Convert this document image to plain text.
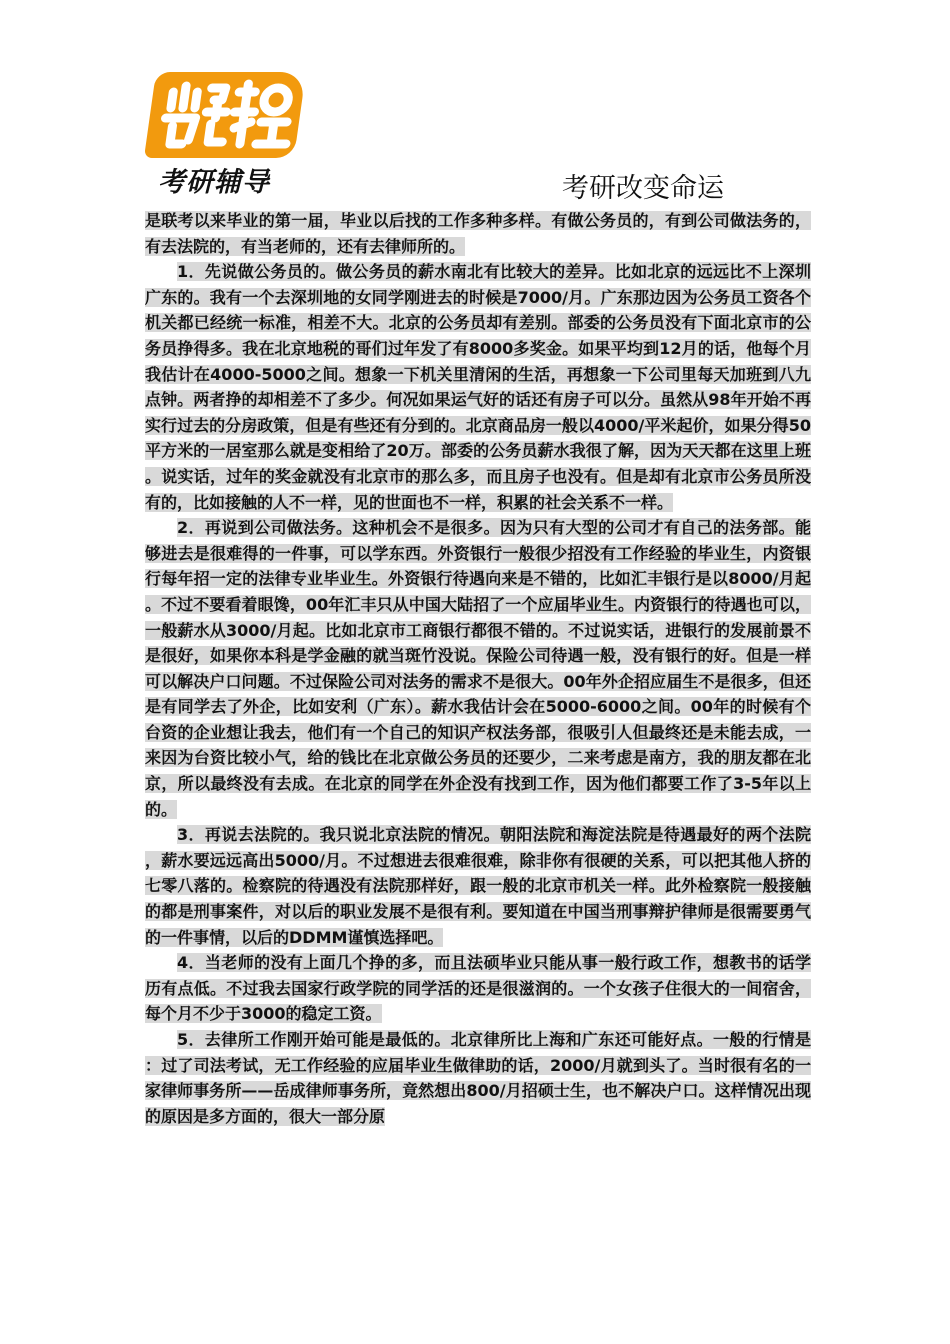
考研辅导	考研改变命运

是联考以来毕业的第一届，毕业以后找的工作多种多样。有做公务员的，有到公司做法务的，有去法院的，有当老师的，还有去律师所的。

1．先说做公务员的。做公务员的薪水南北有比较大的差异。比如北京的远远比不上深圳广东的。我有一个去深圳地的女同学刚进去的时候是7000/月。广东那边因为公务员工资各个机关都已经统一标准，相差不大。北京的公务员却有差别。部委的公务员没有下面北京市的公务员挣得多。我在北京地税的哥们过年发了有8000多奖金。如果平均到12月的话，他每个月我估计在4000-5000之间。想象一下机关里清闲的生活，再想象一下公司里每天加班到八九点钟。两者挣的却相差不了多少。何况如果运气好的话还有房子可以分。虽然从98年开始不再实行过去的分房政策，但是有些还有分到的。北京商品房一般以4000/平米起价，如果分得50平方米的一居室那么就是变相给了20万。部委的公务员薪水我很了解，因为天天都在这里上班。说实话，过年的奖金就没有北京市的那么多，而且房子也没有。但是却有北京市公务员所没有的，比如接触的人不一样，见的世面也不一样，积累的社会关系不一样。

2．再说到公司做法务。这种机会不是很多。因为只有大型的公司才有自己的法务部。能够进去是很难得的一件事，可以学东西。外资银行一般很少招没有工作经验的毕业生，内资银行每年招一定的法律专业毕业生。外资银行待遇向来是不错的，比如汇丰银行是以8000/月起。不过不要看着眼馋，00年汇丰只从中国大陆招了一个应届毕业生。内资银行的待遇也可以，一般薪水从3000/月起。比如北京市工商银行都很不错的。不过说实话，进银行的发展前景不是很好，如果你本科是学金融的就当斑竹没说。保险公司待遇一般，没有银行的好。但是一样可以解决户口问题。不过保险公司对法务的需求不是很大。00年外企招应届生不是很多，但还是有同学去了外企，比如安利（广东）。薪水我估计会在5000-6000之间。00年的时候有个台资的企业想让我去，他们有一个自己的知识产权法务部，很吸引人但最终还是未能去成，一来因为台资比较小气，给的钱比在北京做公务员的还要少，二来考虑是南方，我的朋友都在北京，所以最终没有去成。在北京的同学在外企没有找到工作，因为他们都要工作了3-5年以上的。

3．再说去法院的。我只说北京法院的情况。朝阳法院和海淀法院是待遇最好的两个法院，薪水要远远高出5000/月。不过想进去很难很难，除非你有很硬的关系，可以把其他人挤的七零八落的。检察院的待遇没有法院那样好，跟一般的北京市机关一样。此外检察院一般接触的都是刑事案件，对以后的职业发展不是很有利。要知道在中国当刑事辩护律师是很需要勇气的一件事情，以后的DDMM谨慎选择吧。

4．当老师的没有上面几个挣的多，而且法硕毕业只能从事一般行政工作，想教书的话学历有点低。不过我去国家行政学院的同学活的还是很滋润的。一个女孩子住很大的一间宿舍，每个月不少于3000的稳定工资。

5．去律所工作刚开始可能是最低的。北京律所比上海和广东还可能好点。一般的行情是：过了司法考试，无工作经验的应届毕业生做律助的话，2000/月就到头了。当时很有名的一家律师事务所——岳成律师事务所，竟然想出800/月招硕士生，也不解决户口。这样情况出现的原因是多方面的，很大一部分原
